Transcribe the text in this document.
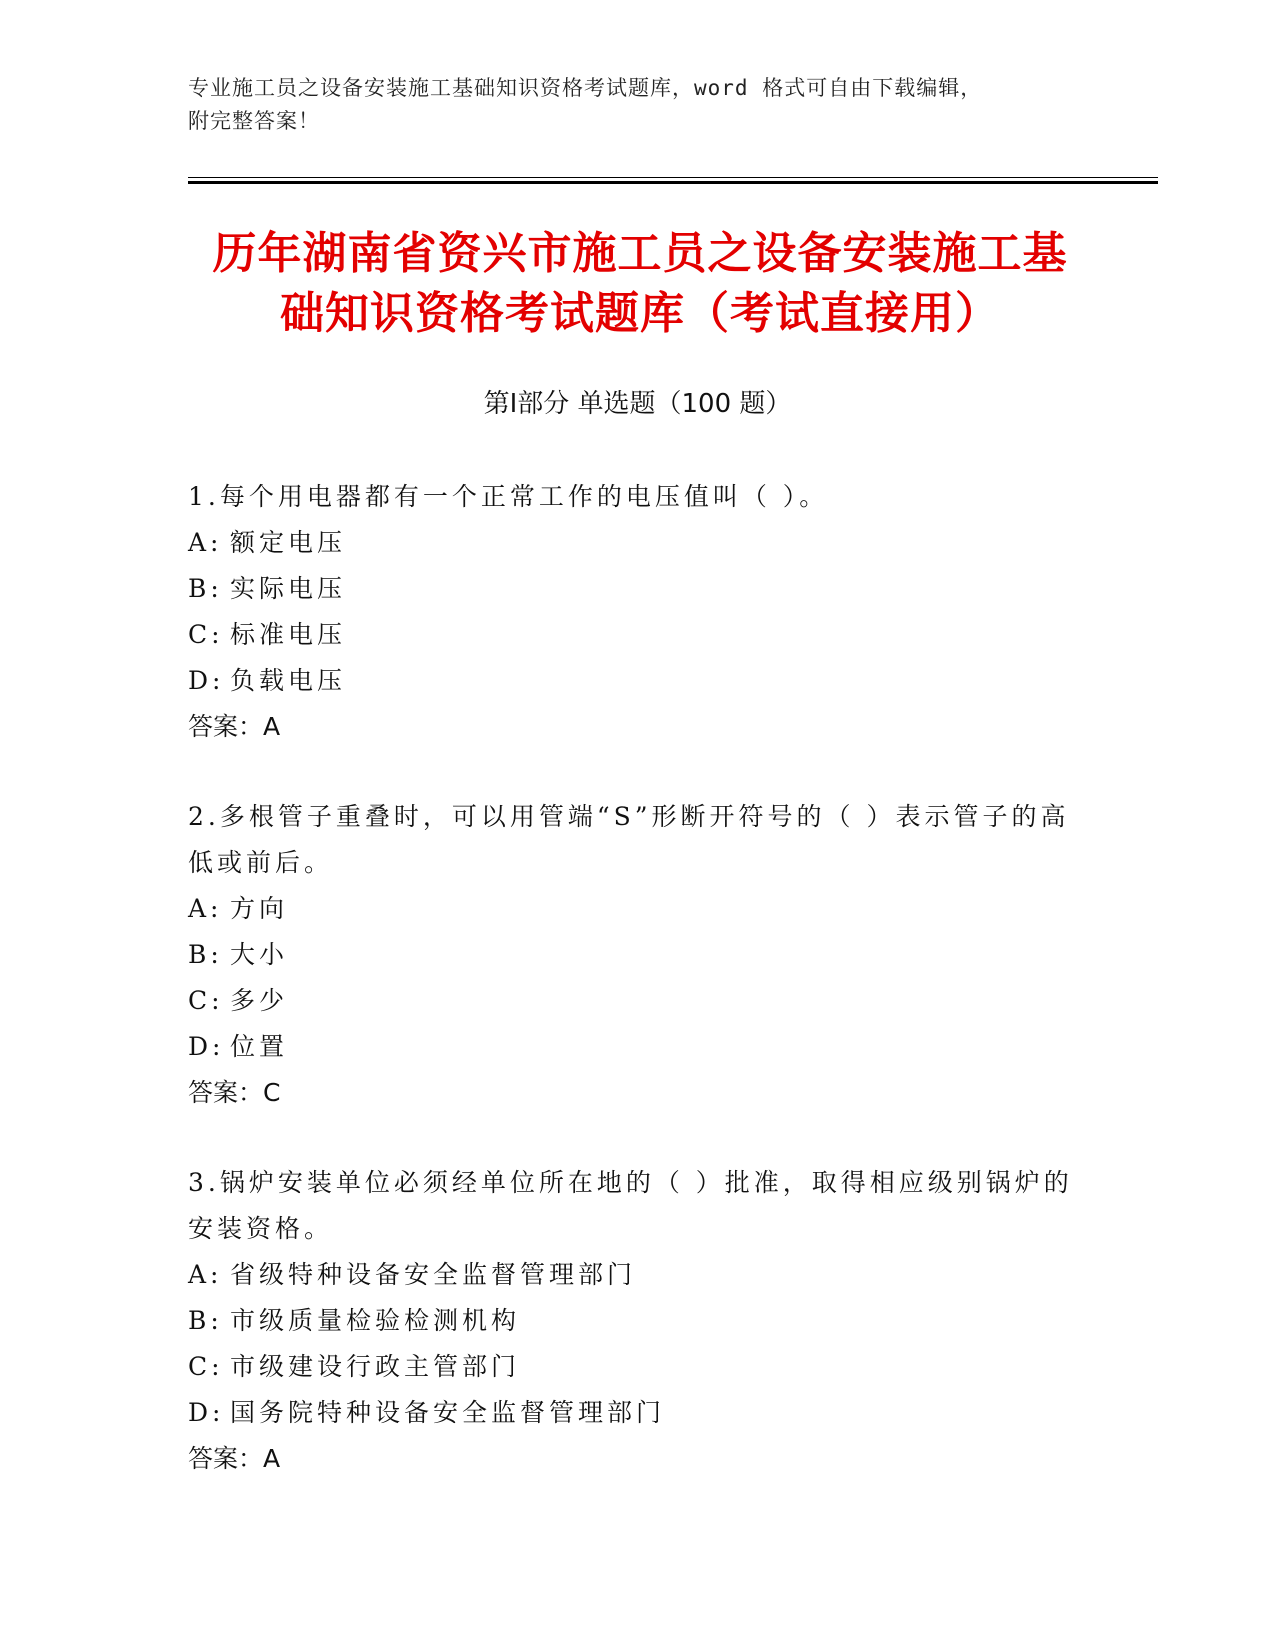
专业施工员之设备安装施工基础知识资格考试题库，word 格式可自由下载编辑，
附完整答案！
历年湖南省资兴市施工员之设备安装施工基
础知识资格考试题库（考试直接用）
第Ⅰ部分 单选题（100 题）
1.每个用电器都有一个正常工作的电压值叫（ ）。
A: 额定电压
B: 实际电压
C: 标准电压
D: 负载电压
答案：A
2.多根管子重叠时，可以用管端“S”形断开符号的（ ）表示管子的高低或前后。
A: 方向
B: 大小
C: 多少
D: 位置
答案：C
3.锅炉安装单位必须经单位所在地的（ ）批准，取得相应级别锅炉的安装资格。
A: 省级特种设备安全监督管理部门
B: 市级质量检验检测机构
C: 市级建设行政主管部门
D: 国务院特种设备安全监督管理部门
答案：A
